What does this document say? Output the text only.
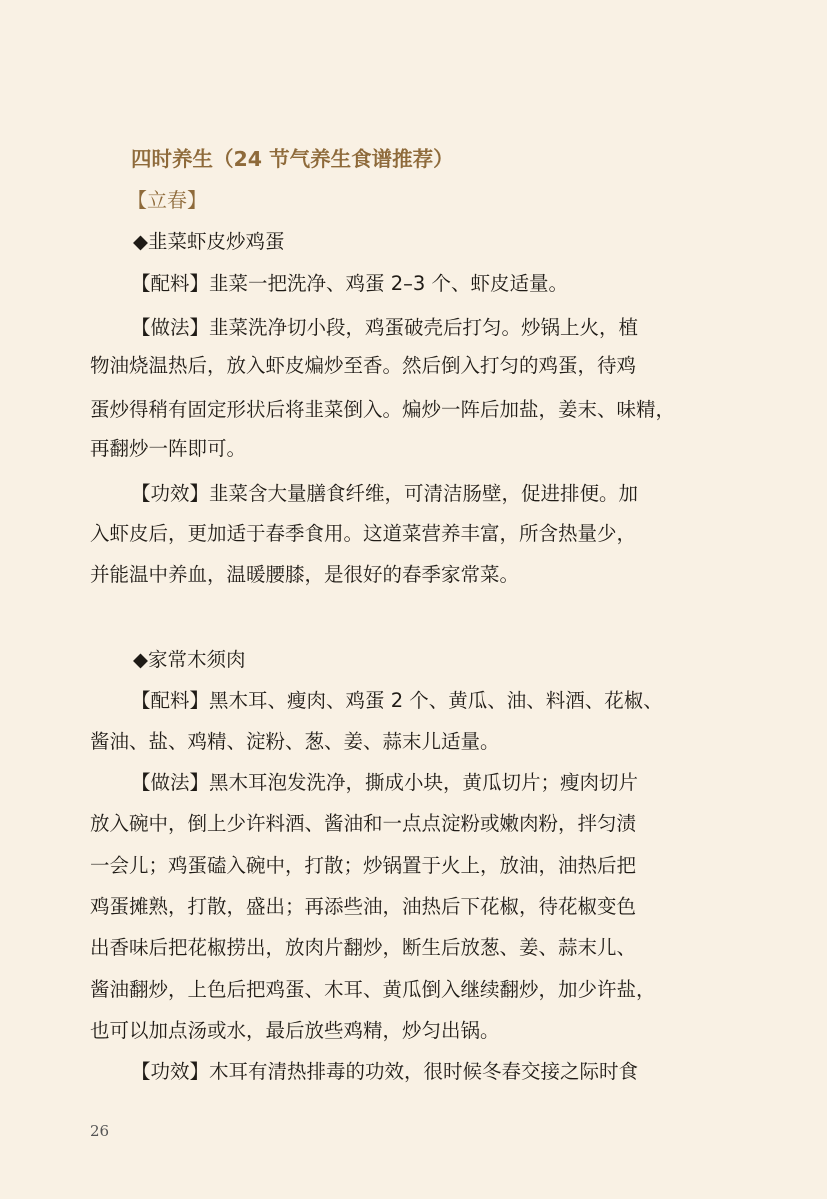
四时养生（24 节气养生食谱推荐）
【立春】
◆韭菜虾皮炒鸡蛋
【配料】韭菜一把洗净、鸡蛋 2–3 个、虾皮适量。
【做法】韭菜洗净切小段，鸡蛋破壳后打匀。炒锅上火，植
物油烧温热后，放入虾皮煸炒至香。然后倒入打匀的鸡蛋，待鸡
蛋炒得稍有固定形状后将韭菜倒入。煸炒一阵后加盐，姜末、味精，
再翻炒一阵即可。
【功效】韭菜含大量膳食纤维，可清洁肠壁，促进排便。加
入虾皮后，更加适于春季食用。这道菜营养丰富，所含热量少，
并能温中养血，温暖腰膝，是很好的春季家常菜。
◆家常木须肉
【配料】黑木耳、瘦肉、鸡蛋 2 个、黄瓜、油、料酒、花椒、
酱油、盐、鸡精、淀粉、葱、姜、蒜末儿适量。
【做法】黑木耳泡发洗净，撕成小块，黄瓜切片；瘦肉切片
放入碗中，倒上少许料酒、酱油和一点点淀粉或嫩肉粉，拌匀渍
一会儿；鸡蛋磕入碗中，打散；炒锅置于火上，放油，油热后把
鸡蛋摊熟，打散，盛出；再添些油，油热后下花椒，待花椒变色
出香味后把花椒捞出，放肉片翻炒，断生后放葱、姜、蒜末儿、
酱油翻炒，上色后把鸡蛋、木耳、黄瓜倒入继续翻炒，加少许盐，
也可以加点汤或水，最后放些鸡精，炒匀出锅。
【功效】木耳有清热排毒的功效，很时候冬春交接之际时食
26
